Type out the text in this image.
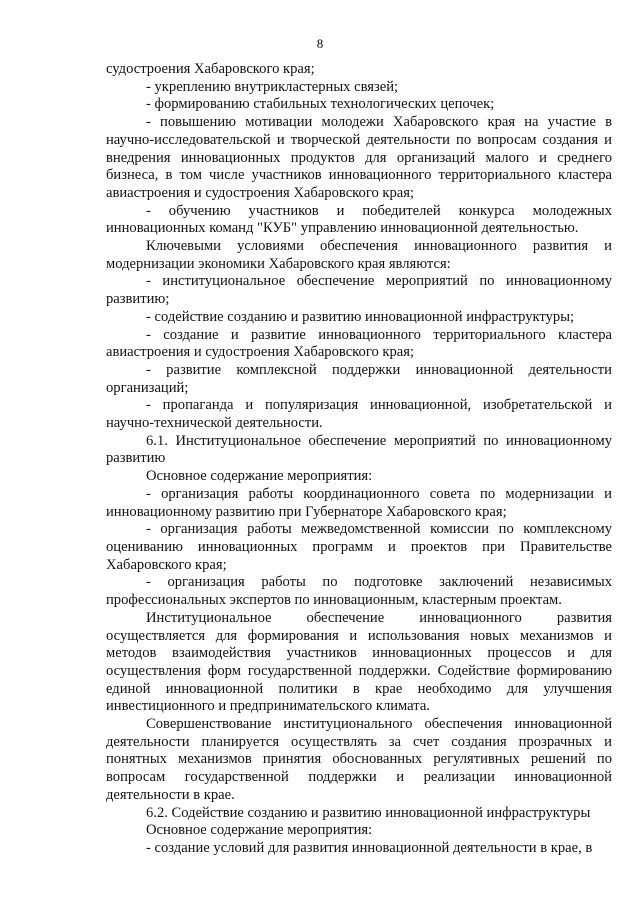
8

судостроения Хабаровского края;

- укреплению внутрикластерных связей;

- формированию стабильных технологических цепочек;

- повышению мотивации молодежи Хабаровского края на участие в научно-исследовательской и творческой деятельности по вопросам создания и внедрения инновационных продуктов для организаций малого и среднего бизнеса, в том числе участников инновационного территориального кластера авиастроения и судостроения Хабаровского края;

- обучению участников и победителей конкурса молодежных инновационных команд "КУБ" управлению инновационной деятельностью.

Ключевыми условиями обеспечения инновационного развития и модернизации экономики Хабаровского края являются:

- институциональное обеспечение мероприятий по инновационному развитию;

- содействие созданию и развитию инновационной инфраструктуры;

- создание и развитие инновационного территориального кластера авиастроения и судостроения Хабаровского края;

- развитие комплексной поддержки инновационной деятельности организаций;

- пропаганда и популяризация инновационной, изобретательской и научно-технической деятельности.

6.1. Институциональное обеспечение мероприятий по инновационному развитию

Основное содержание мероприятия:

- организация работы координационного совета по модернизации и инновационному развитию при Губернаторе Хабаровского края;

- организация работы межведомственной комиссии по комплексному оцениванию инновационных программ и проектов при Правительстве Хабаровского края;

- организация работы по подготовке заключений независимых профессиональных экспертов по инновационным, кластерным проектам.

Институциональное обеспечение инновационного развития осуществляется для формирования и использования новых механизмов и методов взаимодействия участников инновационных процессов и для осуществления форм государственной поддержки. Содействие формированию единой инновационной политики в крае необходимо для улучшения инвестиционного и предпринимательского климата.

Совершенствование институционального обеспечения инновационной деятельности планируется осуществлять за счет создания прозрачных и понятных механизмов принятия обоснованных регулятивных решений по вопросам государственной поддержки и реализации инновационной деятельности в крае.

6.2. Содействие созданию и развитию инновационной инфраструктуры

Основное содержание мероприятия:

- создание условий для развития инновационной деятельности в крае, в
